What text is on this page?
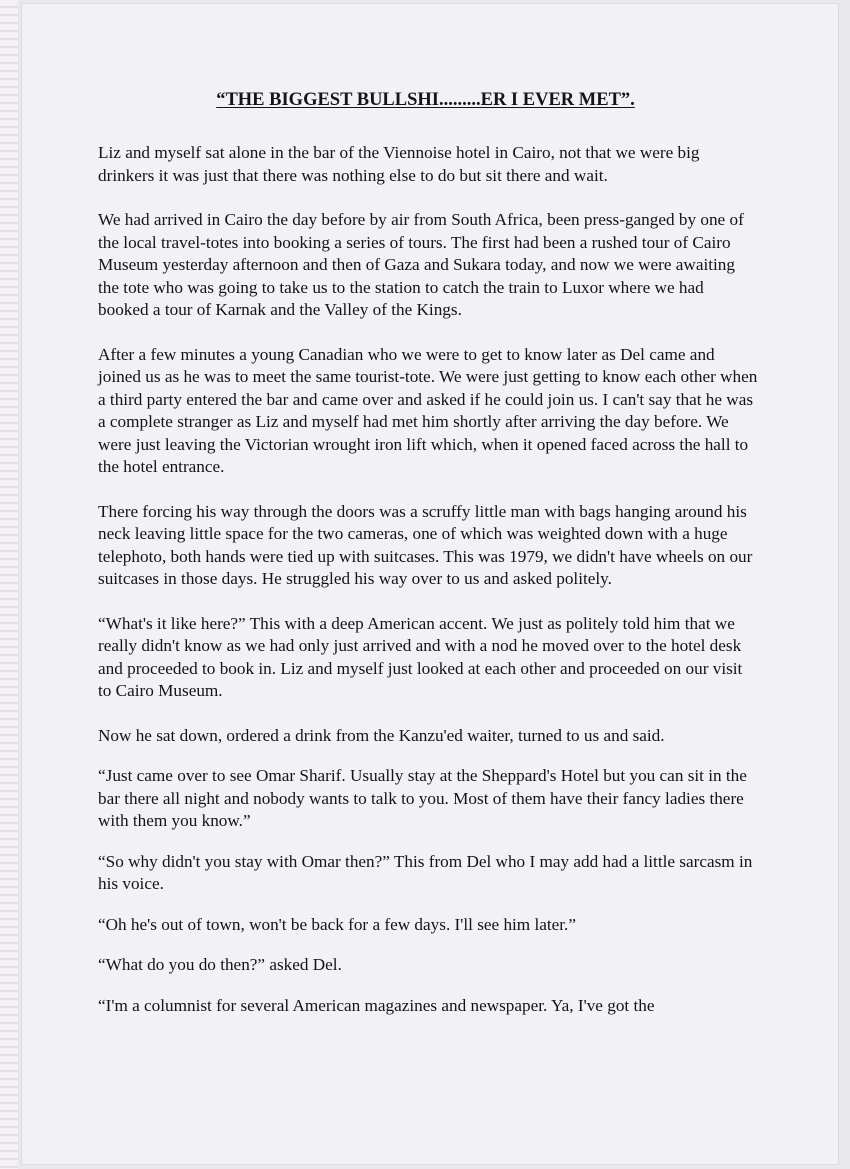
“THE BIGGEST BULLSHI.........ER I EVER MET”.

Liz and myself sat alone in the bar of the Viennoise hotel in Cairo, not that we were big drinkers it was just that there was nothing else to do but sit there and wait.

We had arrived in Cairo the day before by air from South Africa, been press-ganged by one of the local travel-totes into booking a series of tours. The first had been a rushed tour of Cairo Museum yesterday afternoon and then of Gaza and Sukara today, and now we were awaiting the tote who was going to take us to the station to catch the train to Luxor where we had booked a tour of Karnak and the Valley of the Kings.

After a few minutes a young Canadian who we were to get to know later as Del came and joined us as he was to meet the same tourist-tote. We were just getting to know each other when a third party entered the bar and came over and asked if he could join us. I can't say that he was a complete stranger as Liz and myself had met him shortly after arriving the day before. We were just leaving the Victorian wrought iron lift which, when it opened faced across the hall to the hotel entrance.

There forcing his way through the doors was a scruffy little man with bags hanging around his neck leaving little space for the two cameras, one of which was weighted down with a huge telephoto, both hands were tied up with suitcases. This was 1979, we didn't have wheels on our suitcases in those days. He struggled his way over to us and asked politely.

“What's it like here?” This with a deep American accent. We just as politely told him that we really didn't know as we had only just arrived and with a nod he moved over to the hotel desk and proceeded to book in. Liz and myself just looked at each other and proceeded on our visit to Cairo Museum.

Now he sat down, ordered a drink from the Kanzu'ed waiter, turned to us and said.

“Just came over to see Omar Sharif. Usually stay at the Sheppard's Hotel but you can sit in the bar there all night and nobody wants to talk to you. Most of them have their fancy ladies there with them you know.”

“So why didn't you stay with Omar then?” This from Del who I may add had a little sarcasm in his voice.

“Oh he's out of town, won't be back for a few days. I'll see him later.”

“What do you do then?” asked Del.

“I'm a columnist for several American magazines and newspaper. Ya, I've got the
